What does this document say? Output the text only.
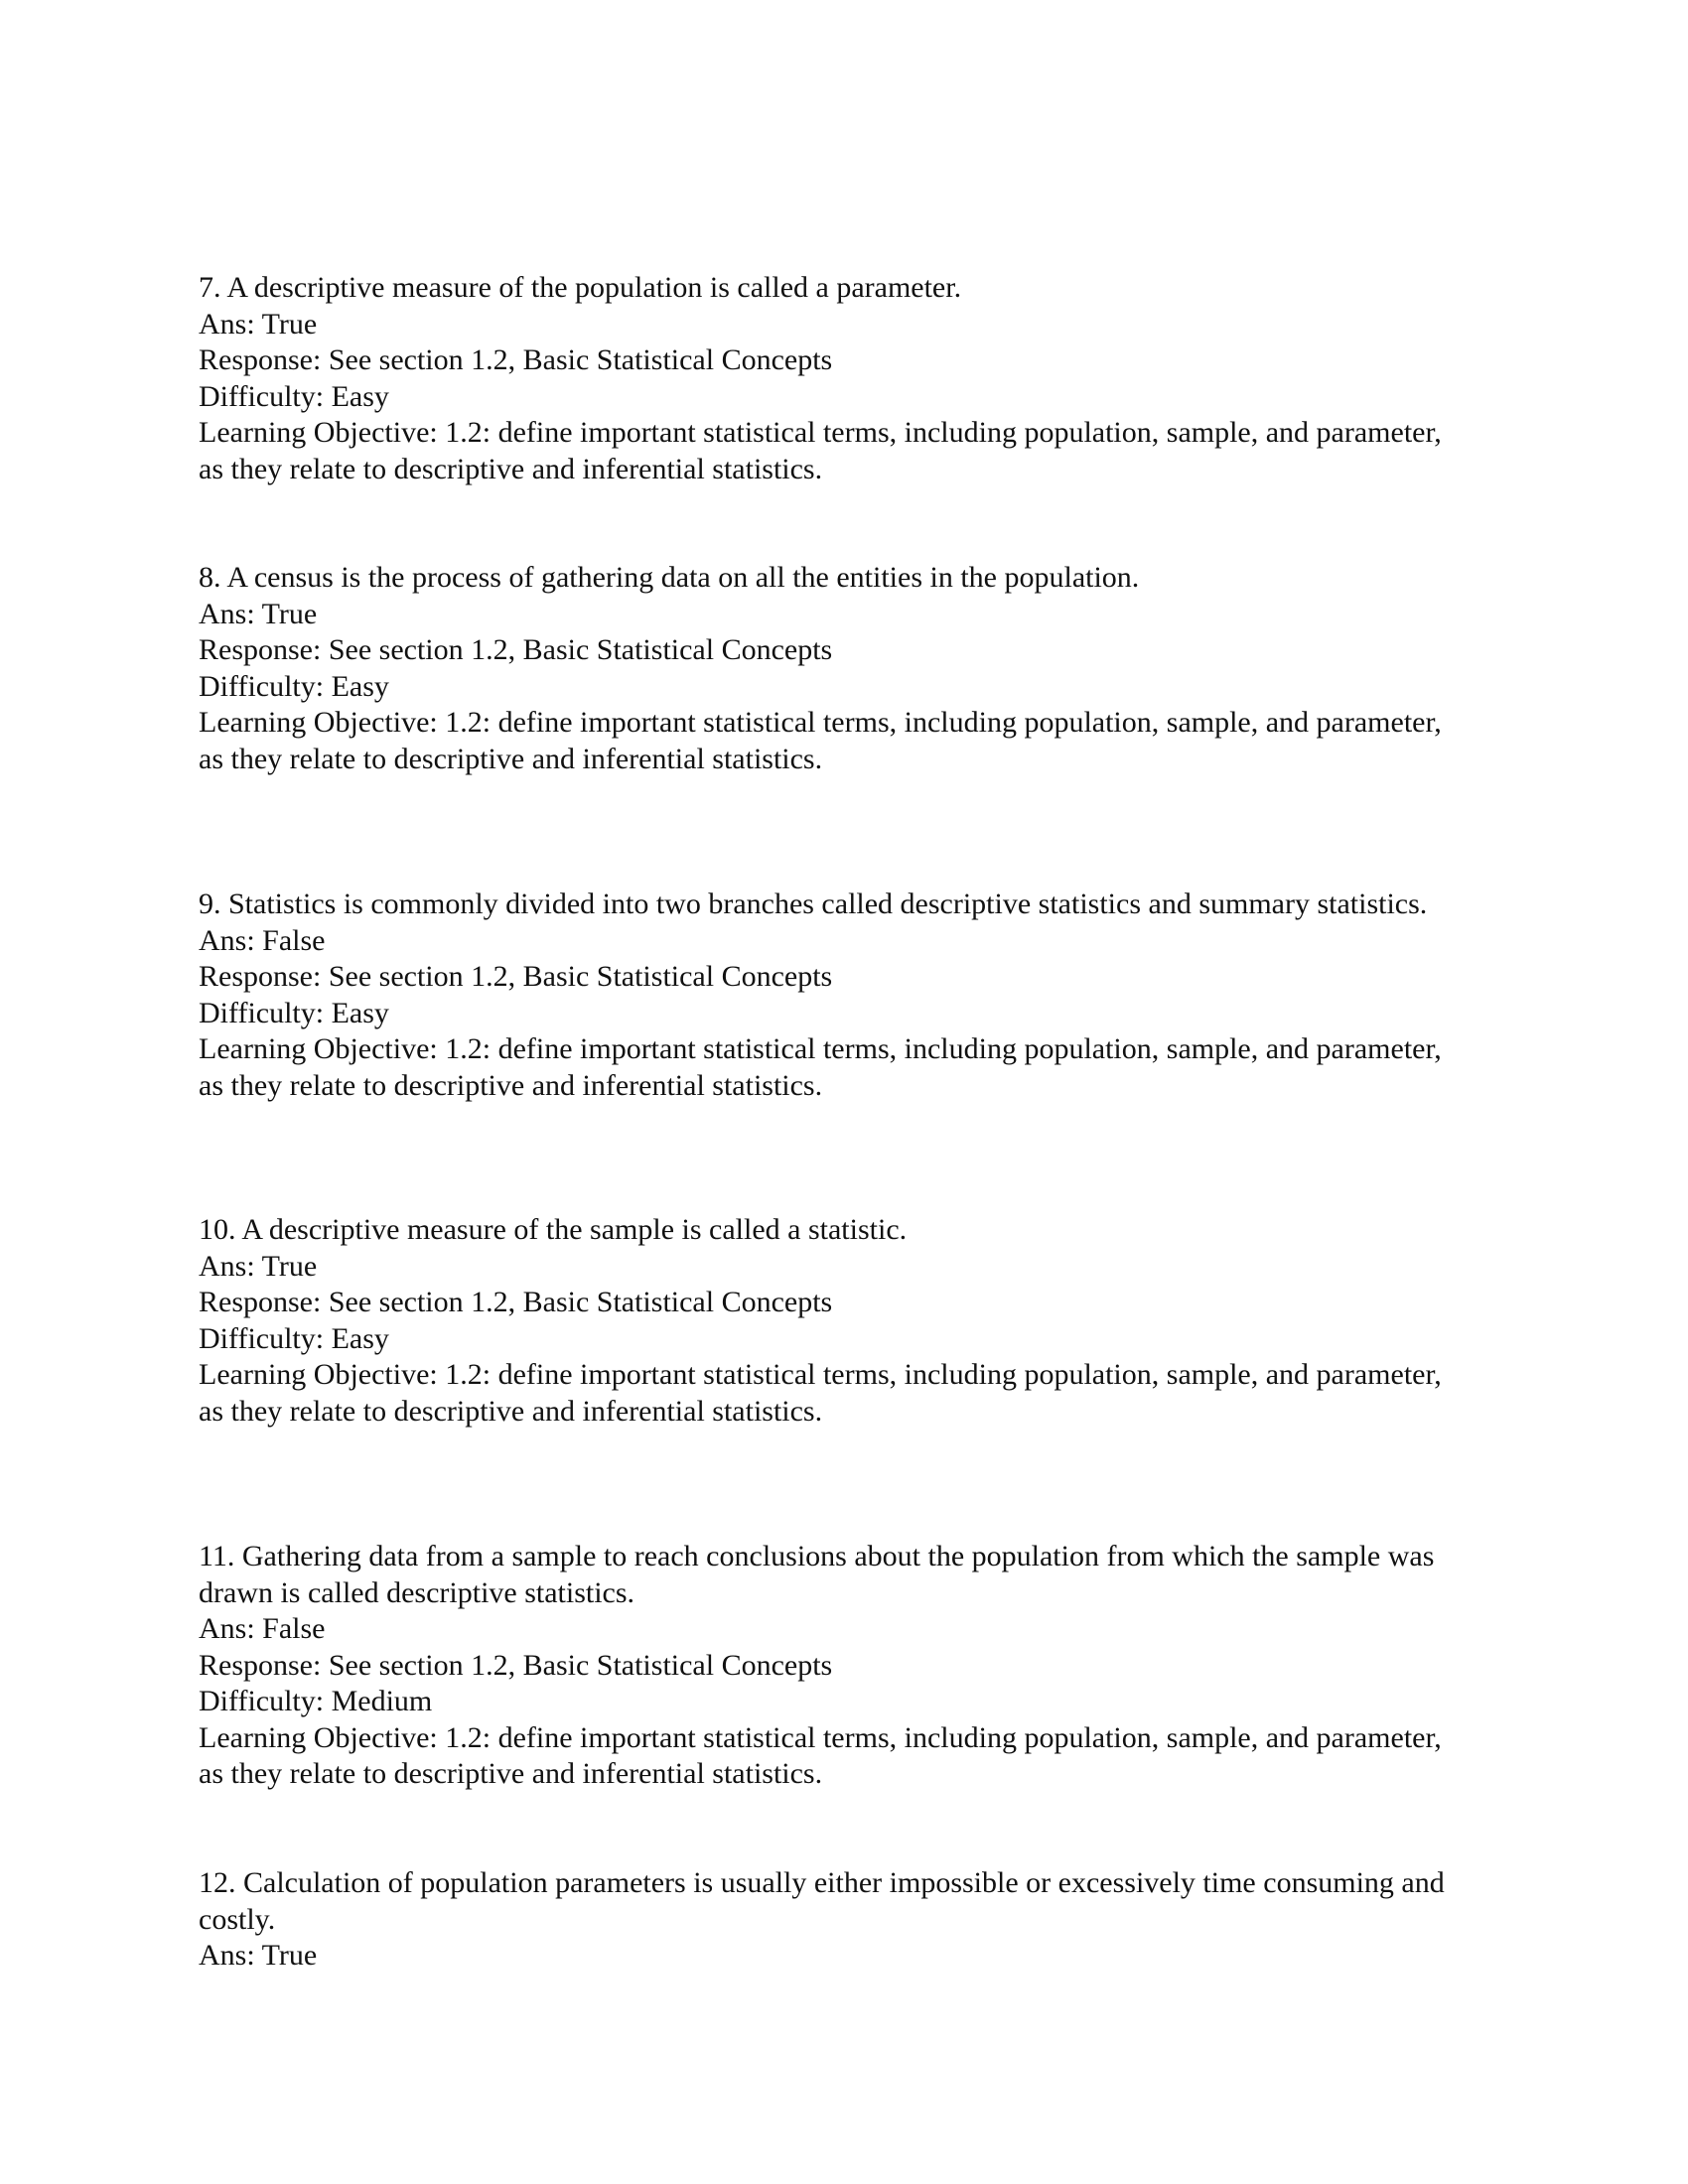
7. A descriptive measure of the population is called a parameter.
Ans: True
Response: See section 1.2, Basic Statistical Concepts
Difficulty: Easy
Learning Objective: 1.2: define important statistical terms, including population, sample, and parameter,
as they relate to descriptive and inferential statistics.
8. A census is the process of gathering data on all the entities in the population.
Ans: True
Response: See section 1.2, Basic Statistical Concepts
Difficulty: Easy
Learning Objective: 1.2: define important statistical terms, including population, sample, and parameter,
as they relate to descriptive and inferential statistics.
9. Statistics is commonly divided into two branches called descriptive statistics and summary statistics.
Ans: False
Response: See section 1.2, Basic Statistical Concepts
Difficulty: Easy
Learning Objective: 1.2: define important statistical terms, including population, sample, and parameter,
as they relate to descriptive and inferential statistics.
10. A descriptive measure of the sample is called a statistic.
Ans: True
Response: See section 1.2, Basic Statistical Concepts
Difficulty: Easy
Learning Objective: 1.2: define important statistical terms, including population, sample, and parameter,
as they relate to descriptive and inferential statistics.
11. Gathering data from a sample to reach conclusions about the population from which the sample was
drawn is called descriptive statistics.
Ans: False
Response: See section 1.2, Basic Statistical Concepts
Difficulty: Medium
Learning Objective: 1.2: define important statistical terms, including population, sample, and parameter,
as they relate to descriptive and inferential statistics.
12. Calculation of population parameters is usually either impossible or excessively time consuming and
costly.
Ans: True
